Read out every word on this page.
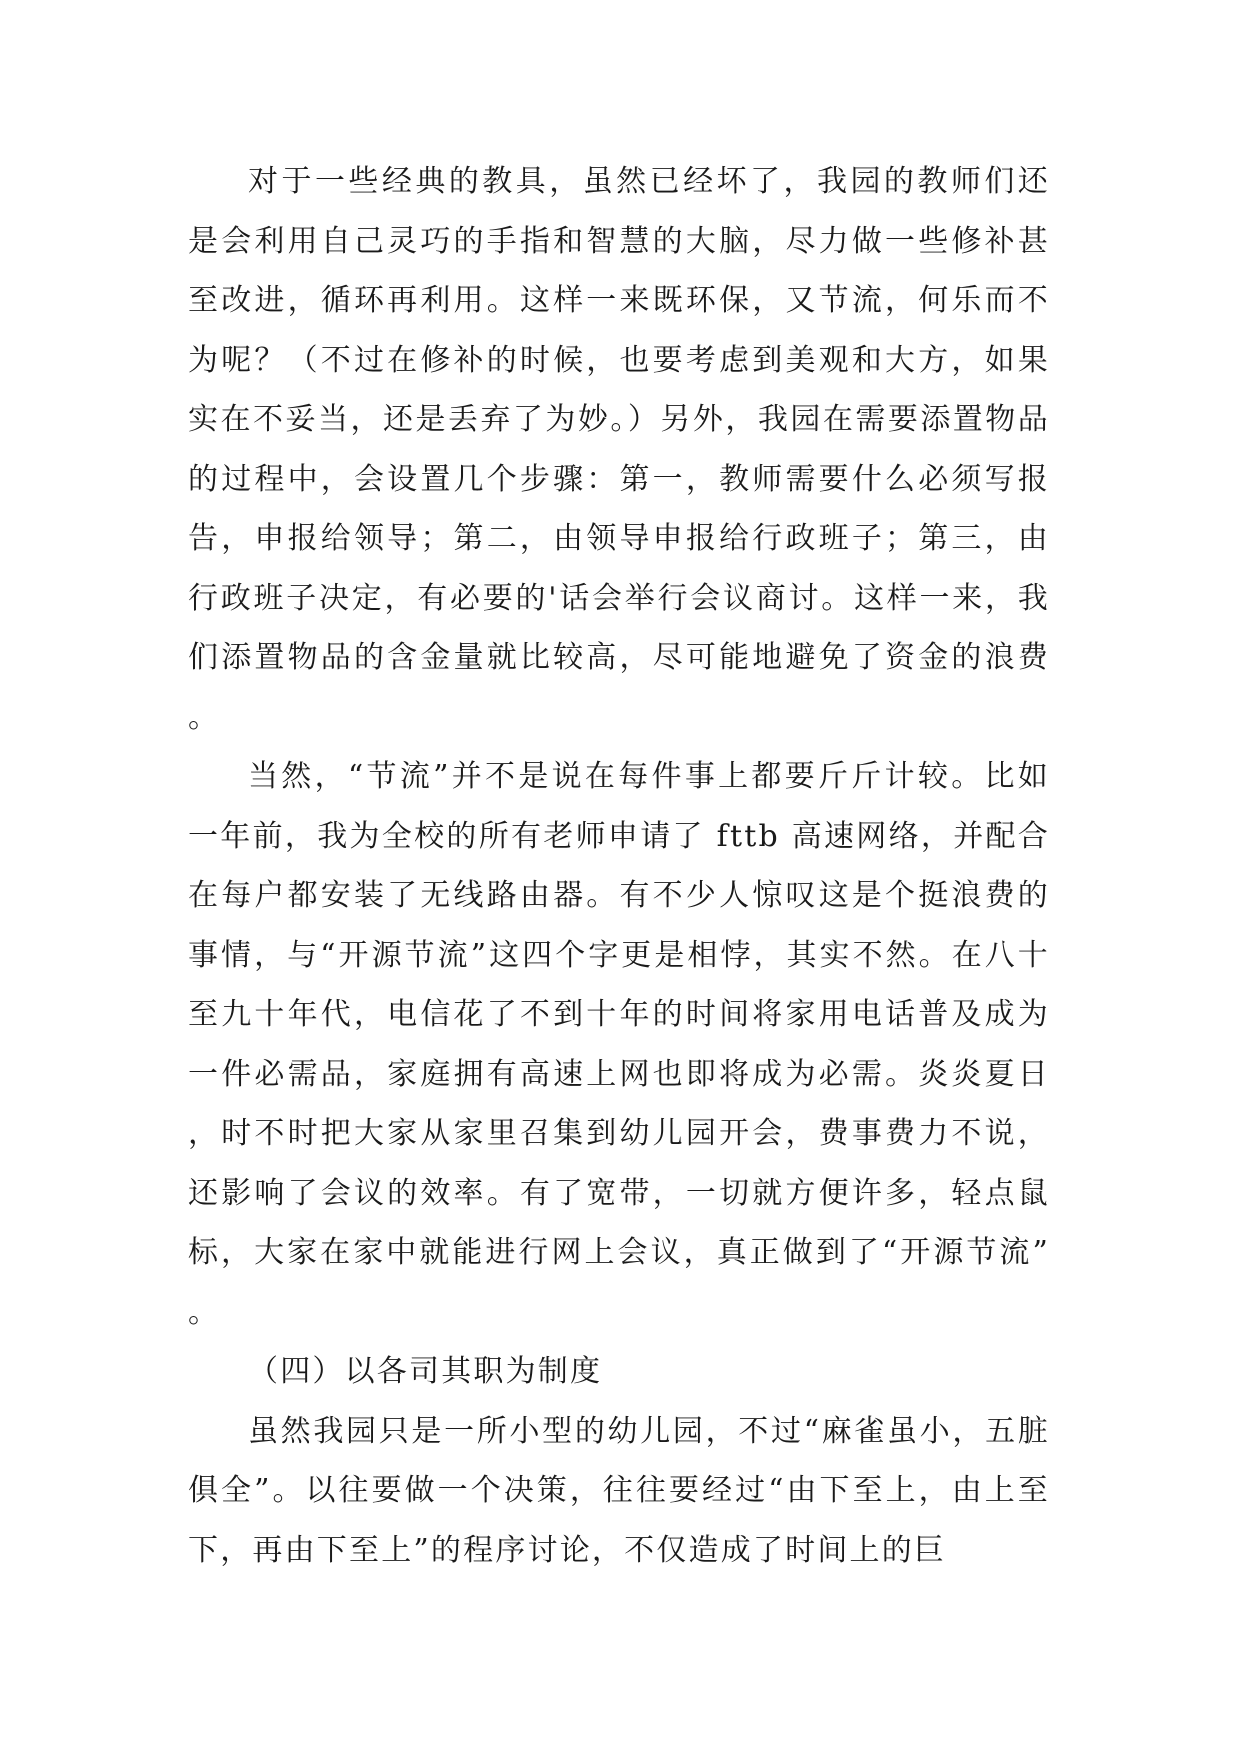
对于一些经典的教具，虽然已经坏了，我园的教师们还是会利用自己灵巧的手指和智慧的大脑，尽力做一些修补甚至改进，循环再利用。这样一来既环保，又节流，何乐而不为呢？（不过在修补的时候，也要考虑到美观和大方，如果实在不妥当，还是丢弃了为妙。）另外，我园在需要添置物品的过程中，会设置几个步骤：第一，教师需要什么必须写报告，申报给领导；第二，由领导申报给行政班子；第三，由行政班子决定，有必要的'话会举行会议商讨。这样一来，我们添置物品的含金量就比较高，尽可能地避免了资金的浪费。

当然，“节流”并不是说在每件事上都要斤斤计较。比如一年前，我为全校的所有老师申请了 fttb 高速网络，并配合在每户都安装了无线路由器。有不少人惊叹这是个挺浪费的事情，与“开源节流”这四个字更是相悖，其实不然。在八十至九十年代，电信花了不到十年的时间将家用电话普及成为一件必需品，家庭拥有高速上网也即将成为必需。炎炎夏日，时不时把大家从家里召集到幼儿园开会，费事费力不说，还影响了会议的效率。有了宽带，一切就方便许多，轻点鼠标，大家在家中就能进行网上会议，真正做到了“开源节流”。

（四）以各司其职为制度

虽然我园只是一所小型的幼儿园，不过“麻雀虽小，五脏俱全”。以往要做一个决策，往往要经过“由下至上，由上至下，再由下至上”的程序讨论，不仅造成了时间上的巨
